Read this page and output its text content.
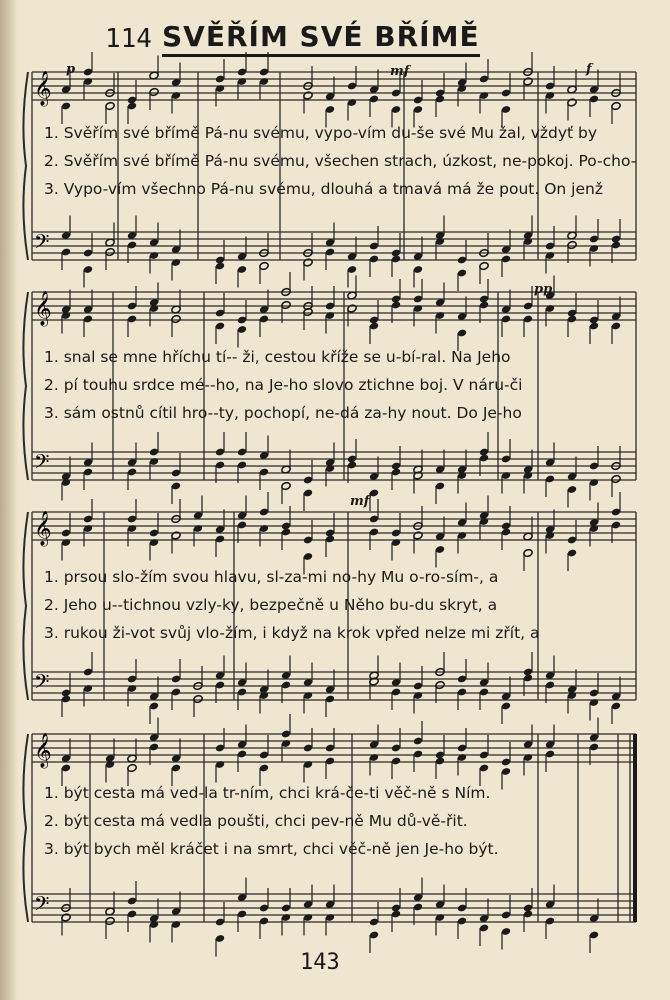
114 SVĚŘÍM SVÉ BŘÍMĚ
𝄞
𝄢
p	mf	f
1. Svěřím své břímě Pá-nu svému, vypo-vím du-še své Mu žal, vždyť by
2. Svěřím své břímě Pá-nu svému, všechen strach, úzkost, ne-pokoj. Po-cho-
3. Vypo-vím všechno Pá-nu svému, dlouhá a tmavá má že pout. On jenž
𝄞
𝄢
pp
1. snal se mne hříchu tí-- ži, cestou kříže se u-bí-ral. Na Jeho
2. pí touhu srdce mé--ho, na Je-ho slovo ztichne boj. V náru-či
3. sám ostnů cítil hro--ty, pochopí, ne-dá za-hy nout. Do Je-ho
𝄞
𝄢
mf
1. prsou slo-žím svou hlavu, sl-za-mi no-hy Mu o-ro-sím-, a
2. Jeho u--tichnou vzly-ky, bezpečně u Něho bu-du skryt, a
3. rukou ži-vot svůj vlo-žím, i když na krok vpřed nelze mi zřít, a
𝄞
𝄢
1. být cesta má ved-la tr-ním, chci krá-če-ti věč-ně s Ním.
2. být cesta má vedla poušti, chci pev-ně Mu dů-vě-řit.
3. být bych měl kráčet i na smrt, chci věč-ně jen Je-ho být.
143
